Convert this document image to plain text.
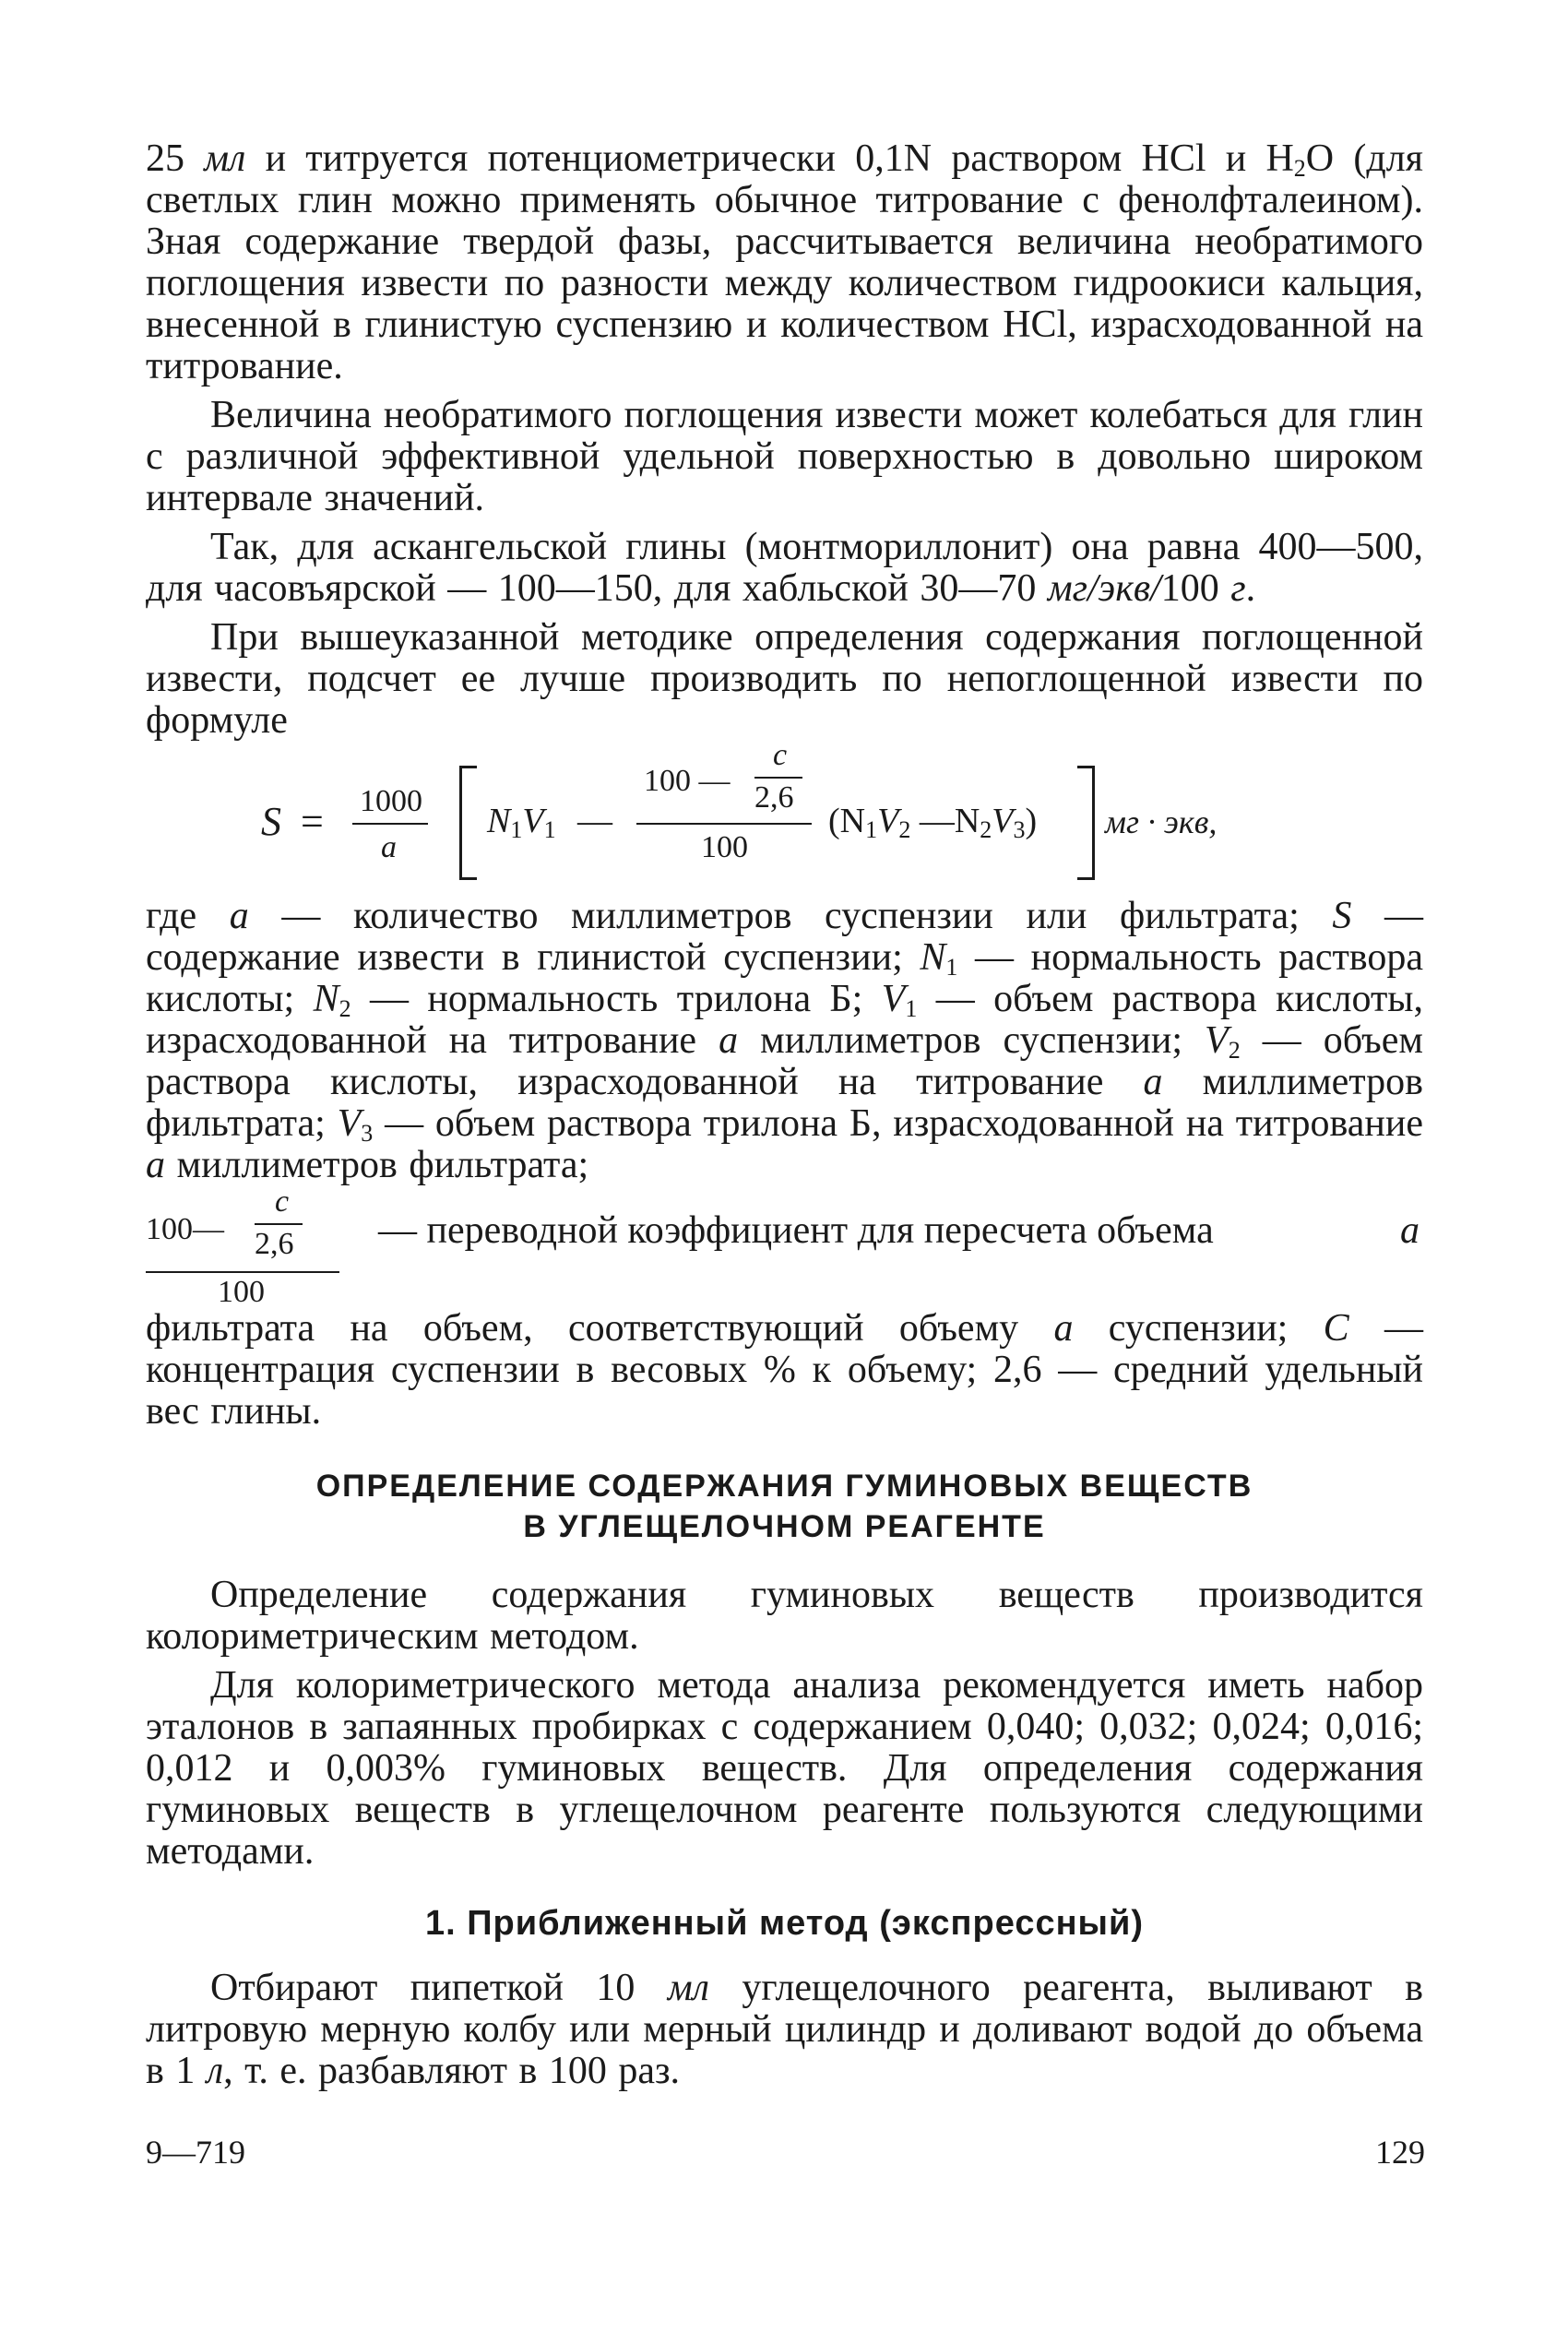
25 мл и титруется потенциометрически 0,1N раствором HCl и $H_2O$ (для светлых глин можно применять обычное титрование с фенолфталеином). Зная содержание твердой фазы, рассчитывается величина необратимого поглощения извести по разности между количеством гидроокиси кальция, внесенной в глинистую суспензию и количеством HCl, израсходованной на титрование.

Величина необратимого поглощения извести может колебаться для глин с различной эффективной удельной поверхностью в довольно широком интервале значений.

Так, для аскангельской глины (монтмориллонит) она равна 400—500, для часовъярской — 100—150, для хабльской 30—70 мг/экв/100 г.

При вышеуказанной методике определения содержания поглощенной извести, подсчет ее лучше производить по непоглощенной извести по формуле

S = 1000
a
$N_1V_1$ —
100 —
c
2,6
100
($N_1V_2$ $—N_2V_3$) мг · экв,

где a — количество миллиметров суспензии или фильтрата; S — содержание извести в глинистой суспензии; $N_1$ — нормальность раствора кислоты; $N_2$ — нормальность трилона Б; $V_1$ — объем раствора кислоты, израсходованной на титрование a миллиметров суспензии; $V_2$ — объем раствора кислоты, израсходованной на титрование a миллиметров фильтрата; $V_3$ — объем раствора трилона Б, израсходованной на титрование a миллиметров фильтрата;

100—
c
2,6
100
— переводной коэффициент для пересчета объема	a

фильтрата на объем, соответствующий объему a суспензии; C — концентрация суспензии в весовых % к объему; 2,6 — средний удельный вес глины.

ОПРЕДЕЛЕНИЕ СОДЕРЖАНИЯ ГУМИНОВЫХ ВЕЩЕСТВ
В УГЛЕЩЕЛОЧНОМ РЕАГЕНТЕ

Определение содержания гуминовых веществ производится колориметрическим методом.

Для колориметрического метода анализа рекомендуется иметь набор эталонов в запаянных пробирках с содержанием 0,040; 0,032; 0,024; 0,016; 0,012 и 0,003% гуминовых веществ. Для определения содержания гуминовых веществ в углещелочном реагенте пользуются следующими методами.

1. Приближенный метод (экспрессный)

Отбирают пипеткой 10 мл углещелочного реагента, выливают в литровую мерную колбу или мерный цилиндр и доливают водой до объема в 1 л, т. е. разбавляют в 100 раз.

9—719	129
